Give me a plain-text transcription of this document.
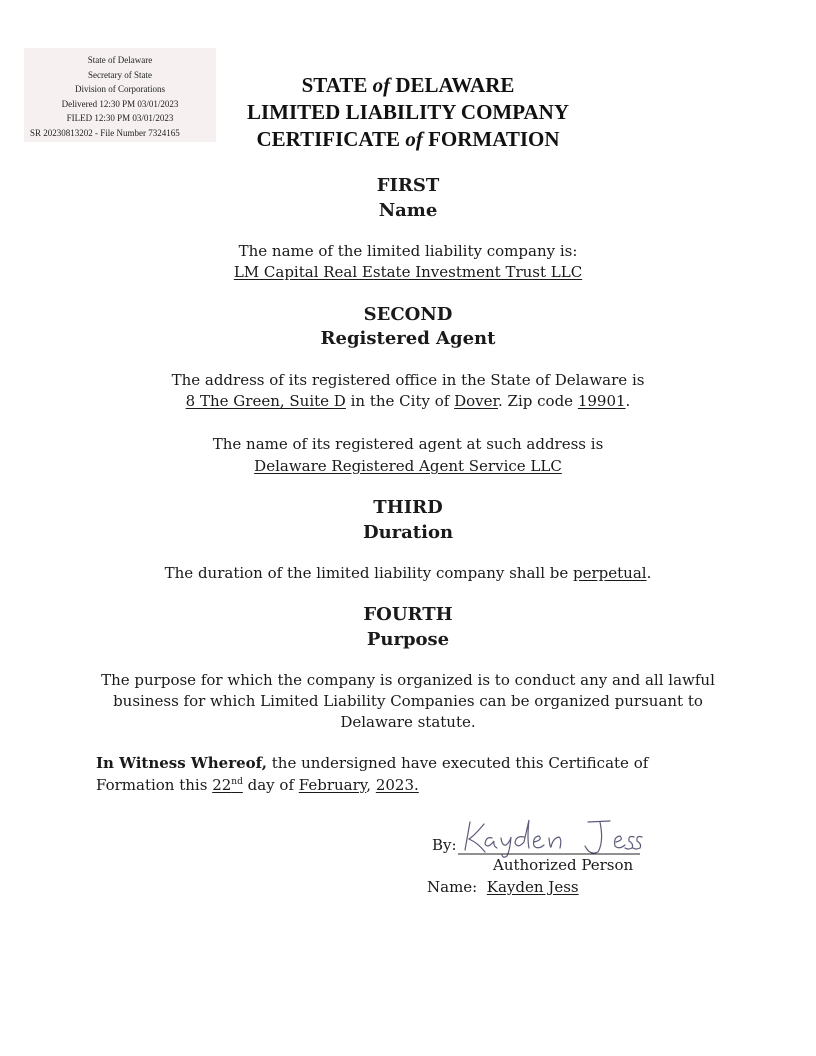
State of Delaware
Secretary of State
Division of Corporations
Delivered 12:30 PM 03/01/2023
FILED 12:30 PM 03/01/2023
SR 20230813202 - File Number 7324165
STATE of DELAWARE
LIMITED LIABILITY COMPANY
CERTIFICATE of FORMATION
FIRST
Name
The name of the limited liability company is:
LM Capital Real Estate Investment Trust LLC
SECOND
Registered Agent
The address of its registered office in the State of Delaware is
8 The Green, Suite D in the City of Dover. Zip code 19901.
The name of its registered agent at such address is
Delaware Registered Agent Service LLC
THIRD
Duration
The duration of the limited liability company shall be perpetual.
FOURTH
Purpose
The purpose for which the company is organized is to conduct any and all lawful
business for which Limited Liability Companies can be organized pursuant to
Delaware statute.
In Witness Whereof, the undersigned have executed this Certificate of
Formation this 22nd day of February, 2023.
By:
Authorized Person
Name: Kayden Jess
